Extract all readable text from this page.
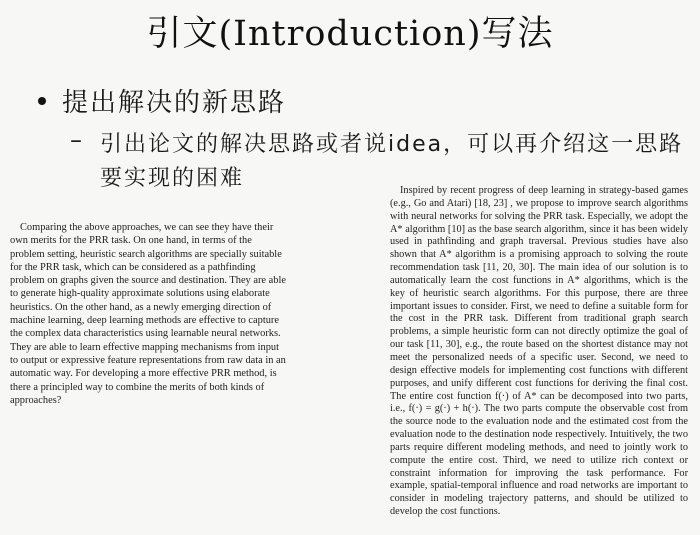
引文(Introduction)写法
提出解决的新思路
– 引出论文的解决思路或者说idea，可以再介绍这一思路要实现的困难
Comparing the above approaches, we can see they have their own merits for the PRR task. On one hand, in terms of the problem setting, heuristic search algorithms are specially suitable for the PRR task, which can be considered as a pathfinding problem on graphs given the source and destination. They are able to generate high-quality approximate solutions using elaborate heuristics. On the other hand, as a newly emerging direction of machine learning, deep learning methods are effective to capture the complex data characteristics using learnable neural networks. They are able to learn effective mapping mechanisms from input to output or expressive feature representations from raw data in an automatic way. For developing a more effective PRR method, is there a principled way to combine the merits of both kinds of approaches?
Inspired by recent progress of deep learning in strategy-based games (e.g., Go and Atari) [18, 23] , we propose to improve search algorithms with neural networks for solving the PRR task. Especially, we adopt the A* algorithm [10] as the base search algorithm, since it has been widely used in pathfinding and graph traversal. Previous studies have also shown that A* algorithm is a promising approach to solving the route recommendation task [11, 20, 30]. The main idea of our solution is to automatically learn the cost functions in A* algorithms, which is the key of heuristic search algorithms. For this purpose, there are three important issues to consider. First, we need to define a suitable form for the cost in the PRR task. Different from traditional graph search problems, a simple heuristic form can not directly optimize the goal of our task [11, 30], e.g., the route based on the shortest distance may not meet the personalized needs of a specific user. Second, we need to design effective models for implementing cost functions with different purposes, and unify different cost functions for deriving the final cost. The entire cost function f(·) of A* can be decomposed into two parts, i.e., f(·) = g(·) + h(·). The two parts compute the observable cost from the source node to the evaluation node and the estimated cost from the evaluation node to the destination node respectively. Intuitively, the two parts require different modeling methods, and need to jointly work to compute the entire cost. Third, we need to utilize rich context or constraint information for improving the task performance. For example, spatial-temporal influence and road networks are important to consider in modeling trajectory patterns, and should be utilized to develop the cost functions.
